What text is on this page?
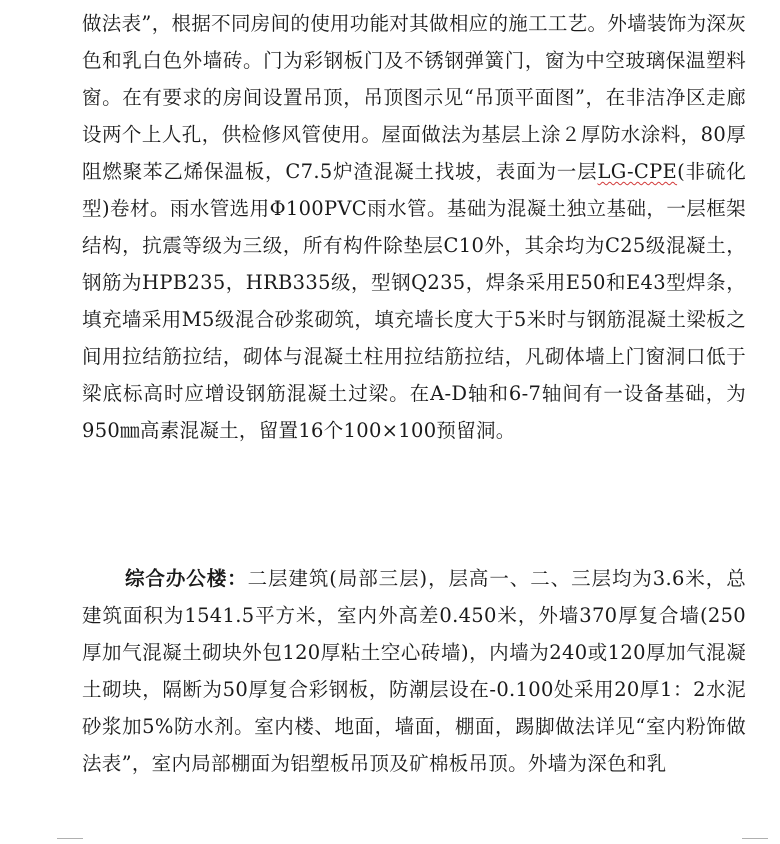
做法表”，根据不同房间的使用功能对其做相应的施工工艺。外墙装饰为深灰色和乳白色外墙砖。门为彩钢板门及不锈钢弹簧门，窗为中空玻璃保温塑料窗。在有要求的房间设置吊顶，吊顶图示见“吊顶平面图”，在非洁净区走廊设两个上人孔，供检修风管使用。屋面做法为基层上涂２厚防水涂料，80厚阻燃聚苯乙烯保温板，C7.5炉渣混凝土找坡，表面为一层LG-CPE(非硫化型)卷材。雨水管选用Φ100PVC雨水管。基础为混凝土独立基础，一层框架结构，抗震等级为三级，所有构件除垫层C10外，其余均为C25级混凝土，钢筋为HPB235，HRB335级，型钢Q235，焊条采用E50和E43型焊条，填充墙采用M5级混合砂浆砌筑，填充墙长度大于5米时与钢筋混凝土梁板之间用拉结筋拉结，砌体与混凝土柱用拉结筋拉结，凡砌体墙上门窗洞口低于梁底标高时应增设钢筋混凝土过梁。在A-D轴和6-7轴间有一设备基础，为950㎜高素混凝土，留置16个100×100预留洞。

综合办公楼：二层建筑(局部三层)，层高一、二、三层均为3.6米，总建筑面积为1541.5平方米，室内外高差0.450米，外墙370厚复合墙(250厚加气混凝土砌块外包120厚粘土空心砖墙)，内墙为240或120厚加气混凝土砌块，隔断为50厚复合彩钢板，防潮层设在-0.100处采用20厚1：2水泥砂浆加5%防水剂。室内楼、地面，墙面，棚面，踢脚做法详见“室内粉饰做法表”，室内局部棚面为铝塑板吊顶及矿棉板吊顶。外墙为深色和乳
